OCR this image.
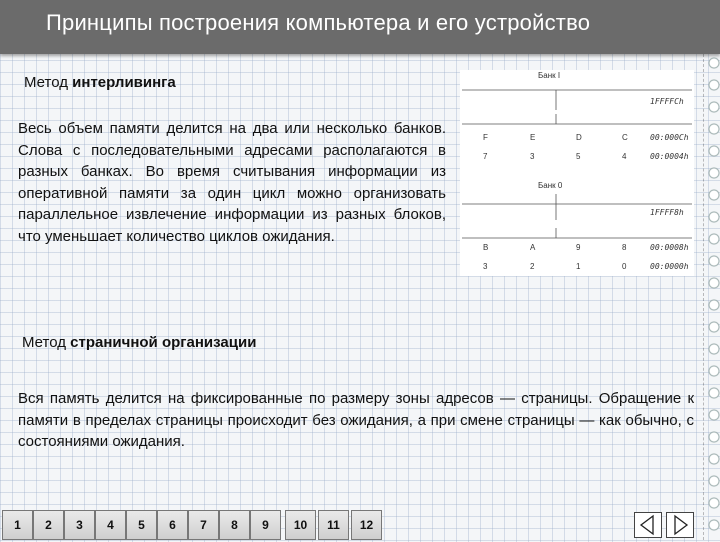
Принципы построения компьютера и его устройство
Метод интерливинга
Весь объем памяти делится на два или несколько банков. Слова с последовательными адресами располагаются в разных банках. Во время считывания информации из оперативной памяти за один цикл можно организовать параллельное извлечение информации из разных блоков, что уменьшает количество циклов ожидания.
Банк I
1FFFFCh
F	E	D	C	00:000Ch
7	3	5	4	00:0004h
Банк 0
1FFFF8h
B	A	9	8	00:0008h
3	2	1	0	00:0000h
Метод страничной организации
Вся память делится на фиксированные по размеру зоны адресов — страницы. Обращение к памяти в пределах страницы происходит без ожидания, а при смене страницы — как обычно, с состояниями ожидания.
1	2	3	4	5	6	7	8	9	10	11	12
